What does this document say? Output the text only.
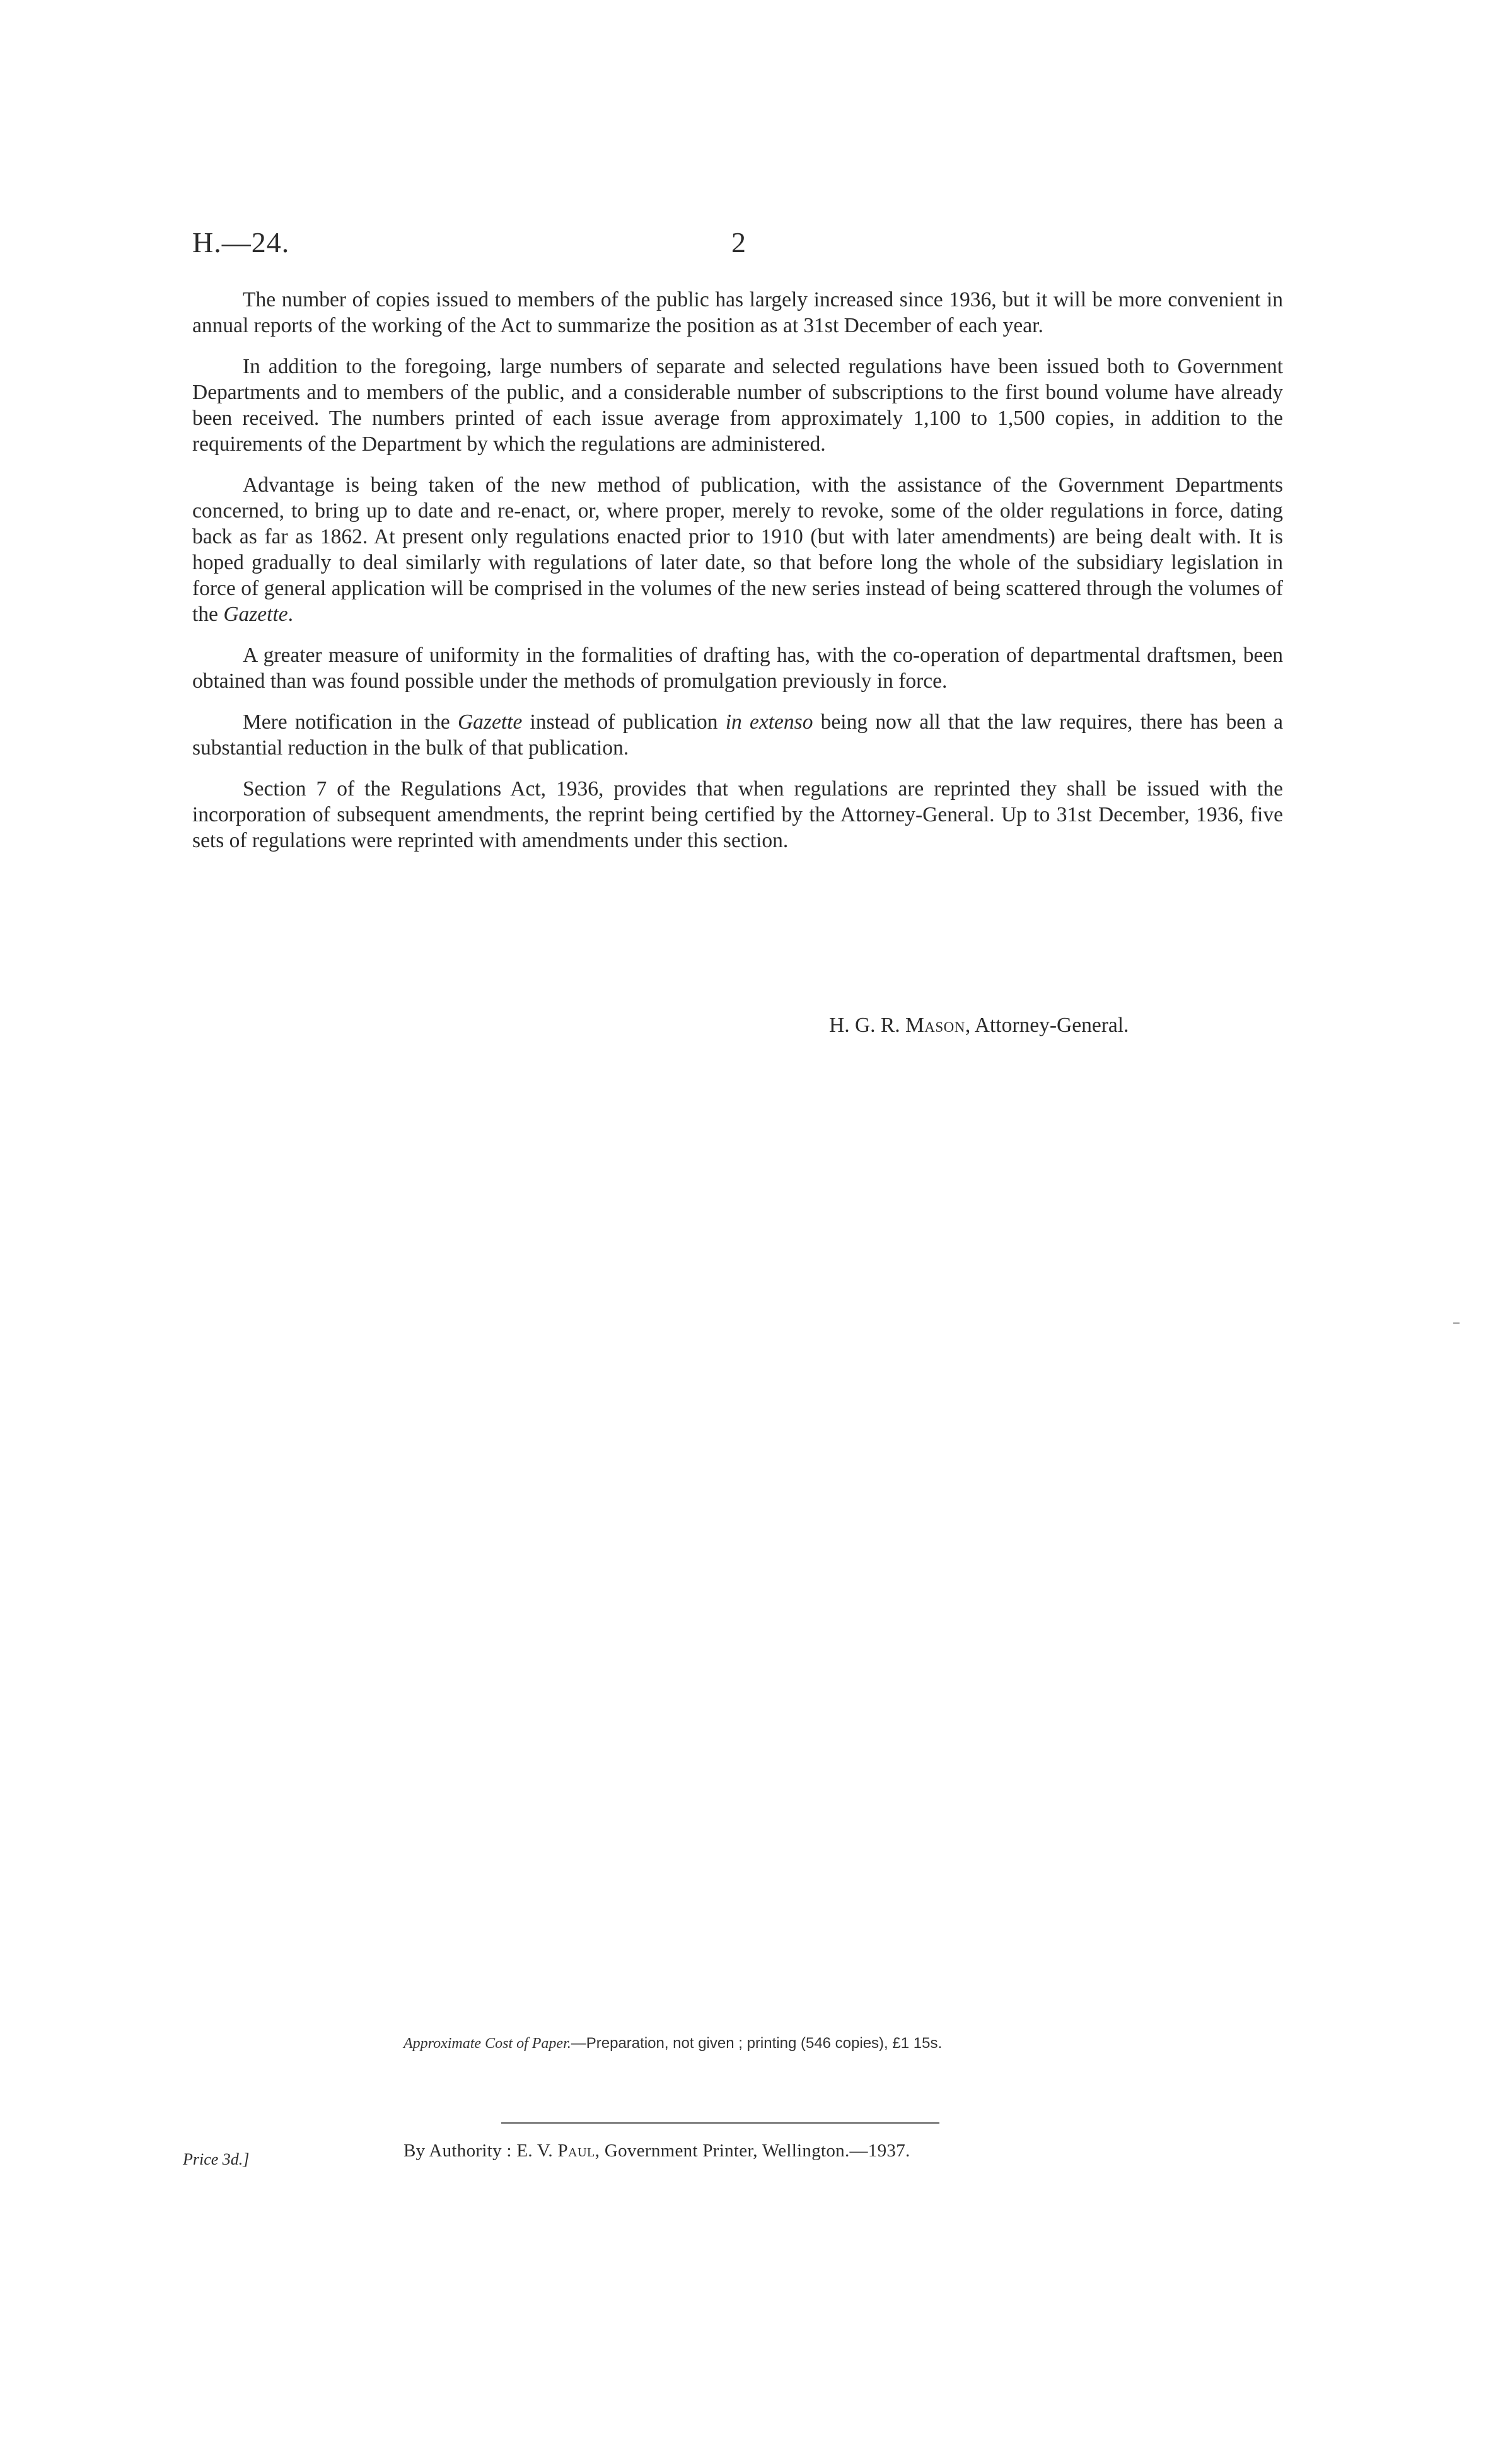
H.—24.	2

The number of copies issued to members of the public has largely increased since 1936, but it will be more convenient in annual reports of the working of the Act to summarize the position as at 31st December of each year.

In addition to the foregoing, large numbers of separate and selected regulations have been issued both to Government Departments and to members of the public, and a considerable number of subscriptions to the first bound volume have already been received. The numbers printed of each issue average from approximately 1,100 to 1,500 copies, in addition to the requirements of the Department by which the regulations are administered.

Advantage is being taken of the new method of publication, with the assistance of the Government Departments concerned, to bring up to date and re-enact, or, where proper, merely to revoke, some of the older regulations in force, dating back as far as 1862. At present only regulations enacted prior to 1910 (but with later amendments) are being dealt with. It is hoped gradually to deal similarly with regulations of later date, so that before long the whole of the subsidiary legislation in force of general application will be comprised in the volumes of the new series instead of being scattered through the volumes of the Gazette.

A greater measure of uniformity in the formalities of drafting has, with the co-operation of departmental draftsmen, been obtained than was found possible under the methods of promulgation previously in force.

Mere notification in the Gazette instead of publication in extenso being now all that the law requires, there has been a substantial reduction in the bulk of that publication.

Section 7 of the Regulations Act, 1936, provides that when regulations are reprinted they shall be issued with the incorporation of subsequent amendments, the reprint being certified by the Attorney-General. Up to 31st December, 1936, five sets of regulations were reprinted with amendments under this section.

H. G. R. Mason, Attorney-General.
Approximate Cost of Paper.—Preparation, not given ; printing (546 copies), £1 15s.
Price 3d.]	By Authority : E. V. Paul, Government Printer, Wellington.—1937.
